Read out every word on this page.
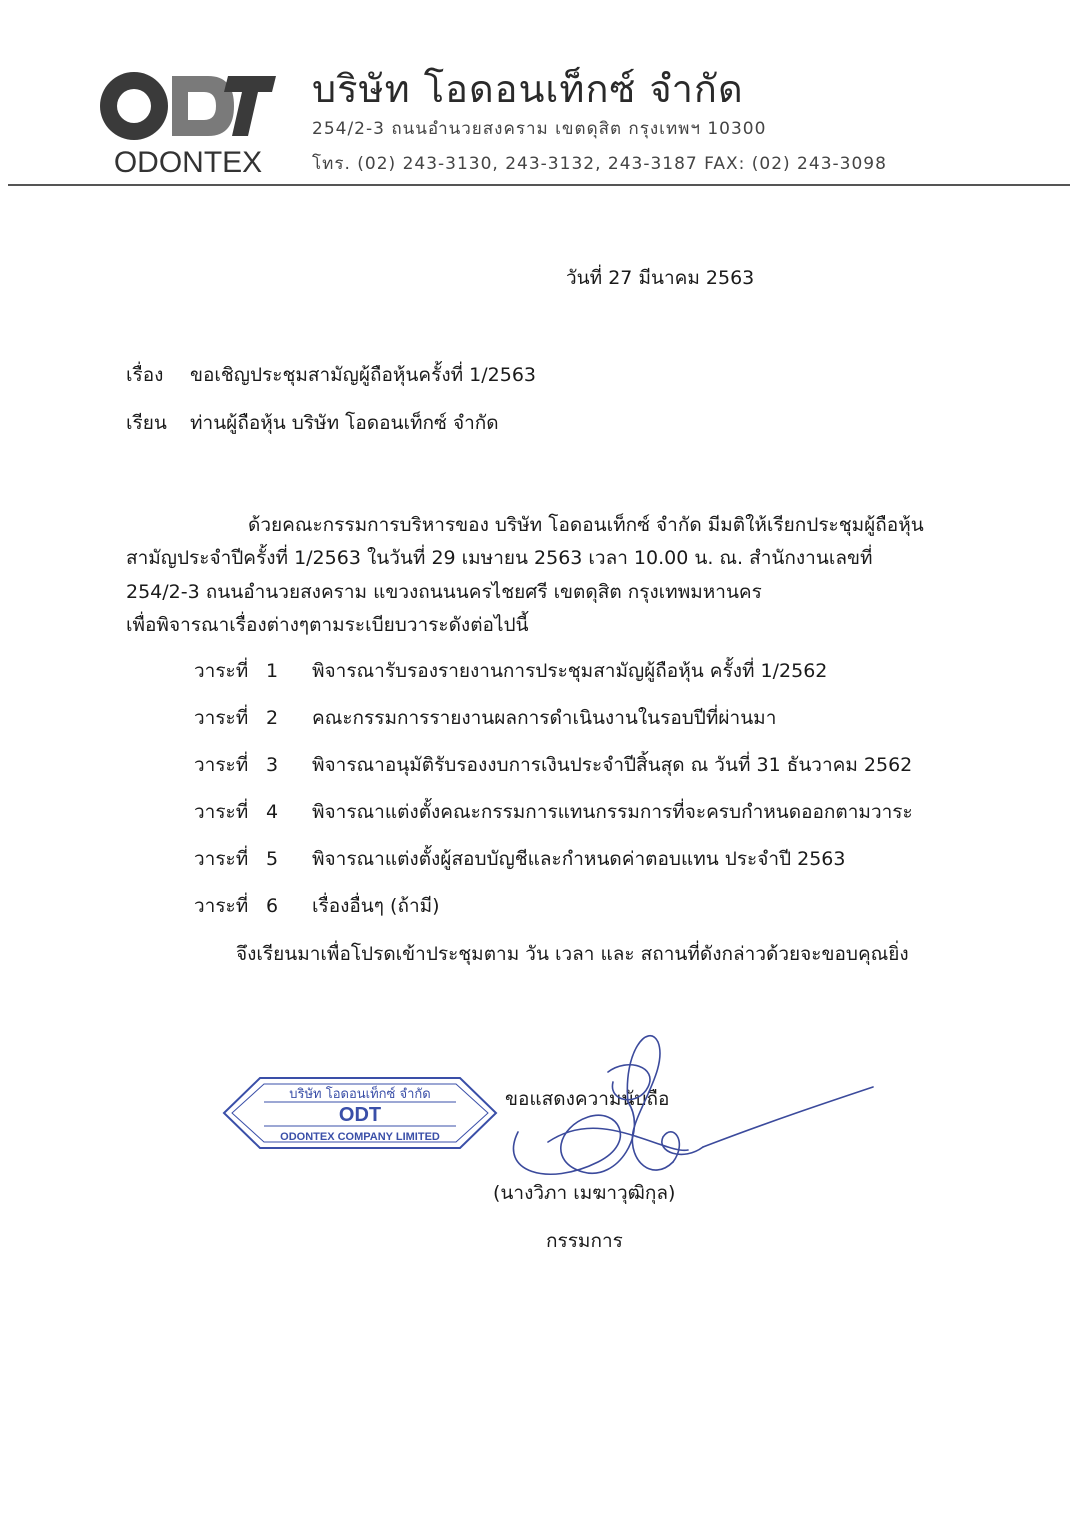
ODONTEX
บริษัท โอดอนเท็กซ์ จำกัด
254/2-3 ถนนอำนวยสงคราม เขตดุสิต กรุงเทพฯ 10300
โทร. (02) 243-3130, 243-3132, 243-3187 FAX: (02) 243-3098
วันที่ 27 มีนาคม 2563
เรื่อง ขอเชิญประชุมสามัญผู้ถือหุ้นครั้งที่ 1/2563
เรียน ท่านผู้ถือหุ้น บริษัท โอดอนเท็กซ์ จำกัด
ด้วยคณะกรรมการบริหารของ บริษัท โอดอนเท็กซ์ จำกัด มีมติให้เรียกประชุมผู้ถือหุ้น
สามัญประจำปีครั้งที่ 1/2563 ในวันที่ 29 เมษายน 2563 เวลา 10.00 น. ณ. สำนักงานเลขที่
254/2-3 ถนนอำนวยสงคราม แขวงถนนนครไชยศรี เขตดุสิต กรุงเทพมหานคร
เพื่อพิจารณาเรื่องต่างๆตามระเบียบวาระดังต่อไปนี้
วาระที่ 1 พิจารณารับรองรายงานการประชุมสามัญผู้ถือหุ้น ครั้งที่ 1/2562
วาระที่ 2 คณะกรรมการรายงานผลการดำเนินงานในรอบปีที่ผ่านมา
วาระที่ 3 พิจารณาอนุมัติรับรองงบการเงินประจำปีสิ้นสุด ณ วันที่ 31 ธันวาคม 2562
วาระที่ 4 พิจารณาแต่งตั้งคณะกรรมการแทนกรรมการที่จะครบกำหนดออกตามวาระ
วาระที่ 5 พิจารณาแต่งตั้งผู้สอบบัญชีและกำหนดค่าตอบแทน ประจำปี 2563
วาระที่ 6 เรื่องอื่นๆ (ถ้ามี)
จึงเรียนมาเพื่อโปรดเข้าประชุมตาม วัน เวลา และ สถานที่ดังกล่าวด้วยจะขอบคุณยิ่ง
บริษัท โอดอนเท็กซ์ จำกัด
ODT
ODONTEX COMPANY LIMITED
ขอแสดงความนับถือ
(นางวิภา เมฆาวุฒิกุล)
กรรมการ
